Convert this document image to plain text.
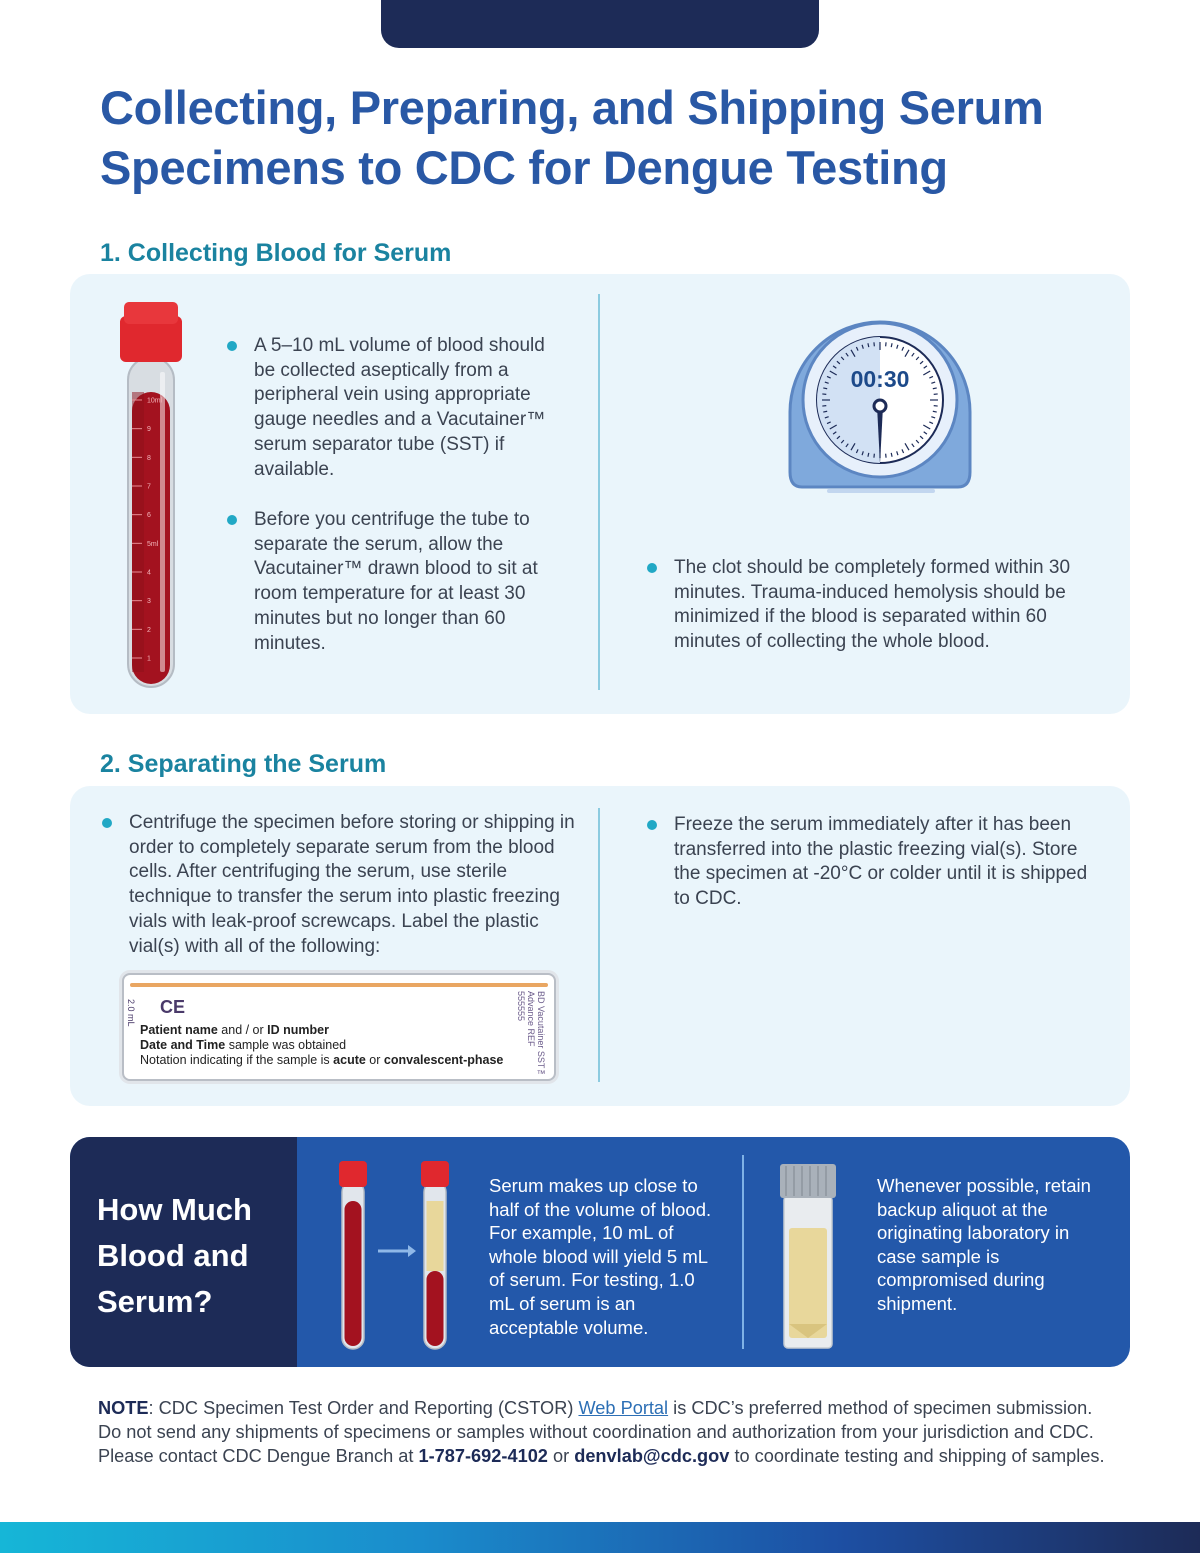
Collecting, Preparing, and Shipping Serum Specimens to CDC for Dengue Testing
1. Collecting Blood for Serum
10ml
9
8
7
6
5ml
4
3
2
1
00:30
A 5–10 mL volume of blood should be collected aseptically from a peripheral vein using appropriate gauge needles and a Vacutainer™ serum separator tube (SST) if available.
Before you centrifuge the tube to separate the serum, allow the Vacutainer™ drawn blood to sit at room temperature for at least 30 minutes but no longer than 60 minutes.
The clot should be completely formed within 30 minutes. Trauma-induced hemolysis should be minimized if the blood is separated within 60 minutes of collecting the whole blood.
2. Separating the Serum
Centrifuge the specimen before storing or shipping in order to completely separate serum from the blood cells. After centrifuging the serum, use sterile technique to transfer the serum into plastic freezing vials with leak-proof screwcaps. Label the plastic vial(s) with all of the following:
Freeze the serum immediately after it has been transferred into the plastic freezing vial(s). Store the specimen at -20°C or colder until it is shipped to CDC.
2.0 mL CE
Patient name and / or ID number
Date and Time sample was obtained
Notation indicating if the sample is acute or convalescent-phase	BD Vacutainer SST™ Advance REF 555555
How Much Blood and Serum?
Serum makes up close to half of the volume of blood. For example, 10 mL of whole blood will yield 5 mL of serum. For testing, 1.0 mL of serum is an acceptable volume.
Whenever possible, retain backup aliquot at the originating laboratory in case sample is compromised during shipment.
NOTE: CDC Specimen Test Order and Reporting (CSTOR) Web Portal is CDC’s preferred method of specimen submission. Do not send any shipments of specimens or samples without coordination and authorization from your jurisdiction and CDC. Please contact CDC Dengue Branch at 1-787-692-4102 or denvlab@cdc.gov to coordinate testing and shipping of samples.
